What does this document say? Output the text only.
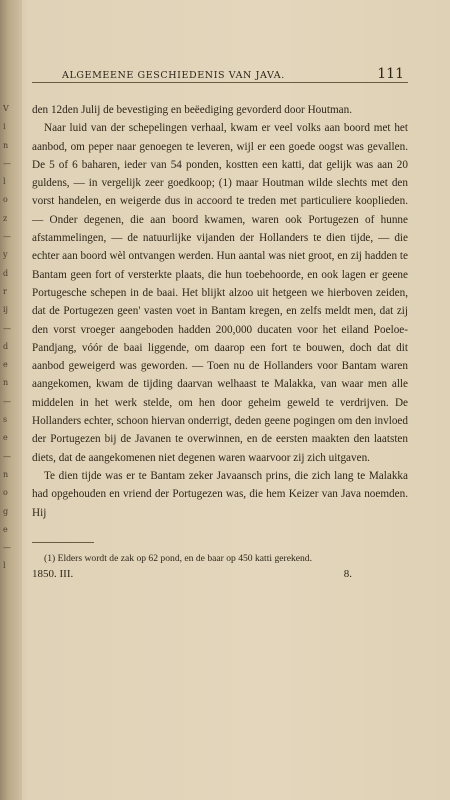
V
i
n
—
l
o
z
—
y
d
r
ij
—
d
e
n
—
s
e
—
n
o
g
e
—
l
ALGEMEENE GESCHIEDENIS VAN JAVA.	111

den 12den Julij de bevestiging en beëediging gevorderd door Houtman.

Naar luid van der schepelingen verhaal, kwam er veel volks aan boord met het aanbod, om peper naar genoegen te leveren, wijl er een goede oogst was gevallen. De 5 of 6 baharen, ieder van 54 ponden, kostten een katti, dat gelijk was aan 20 guldens, — in vergelijk zeer goedkoop; (1) maar Houtman wilde slechts met den vorst handelen, en weigerde dus in accoord te treden met particuliere kooplieden. — Onder degenen, die aan boord kwamen, waren ook Portugezen of hunne afstammelingen, — de natuurlijke vijanden der Hollanders te dien tijde, — die echter aan boord wèl ontvangen werden. Hun aantal was niet groot, en zij hadden te Bantam geen fort of versterkte plaats, die hun toebehoorde, en ook lagen er geene Portugesche schepen in de baai. Het blijkt alzoo uit hetgeen we hierboven zeiden, dat de Portugezen geen' vasten voet in Bantam kregen, en zelfs meldt men, dat zij den vorst vroeger aangeboden hadden 200,000 ducaten voor het eiland Poeloe-Pandjang, vóór de baai liggende, om daarop een fort te bouwen, doch dat dit aanbod geweigerd was geworden. — Toen nu de Hollanders voor Bantam waren aangekomen, kwam de tijding daarvan welhaast te Malakka, van waar men alle middelen in het werk stelde, om hen door geheim geweld te verdrijven. De Hollanders echter, schoon hiervan onderrigt, deden geene pogingen om den invloed der Portugezen bij de Javanen te overwinnen, en de eersten maakten den laatsten diets, dat de aangekomenen niet degenen waren waarvoor zij zich uitgaven.

Te dien tijde was er te Bantam zeker Javaansch prins, die zich lang te Malakka had opgehouden en vriend der Portugezen was, die hem Keizer van Java noemden. Hij

(1) Elders wordt de zak op 62 pond, en de baar op 450 katti gerekend.
1850. III.	8.
